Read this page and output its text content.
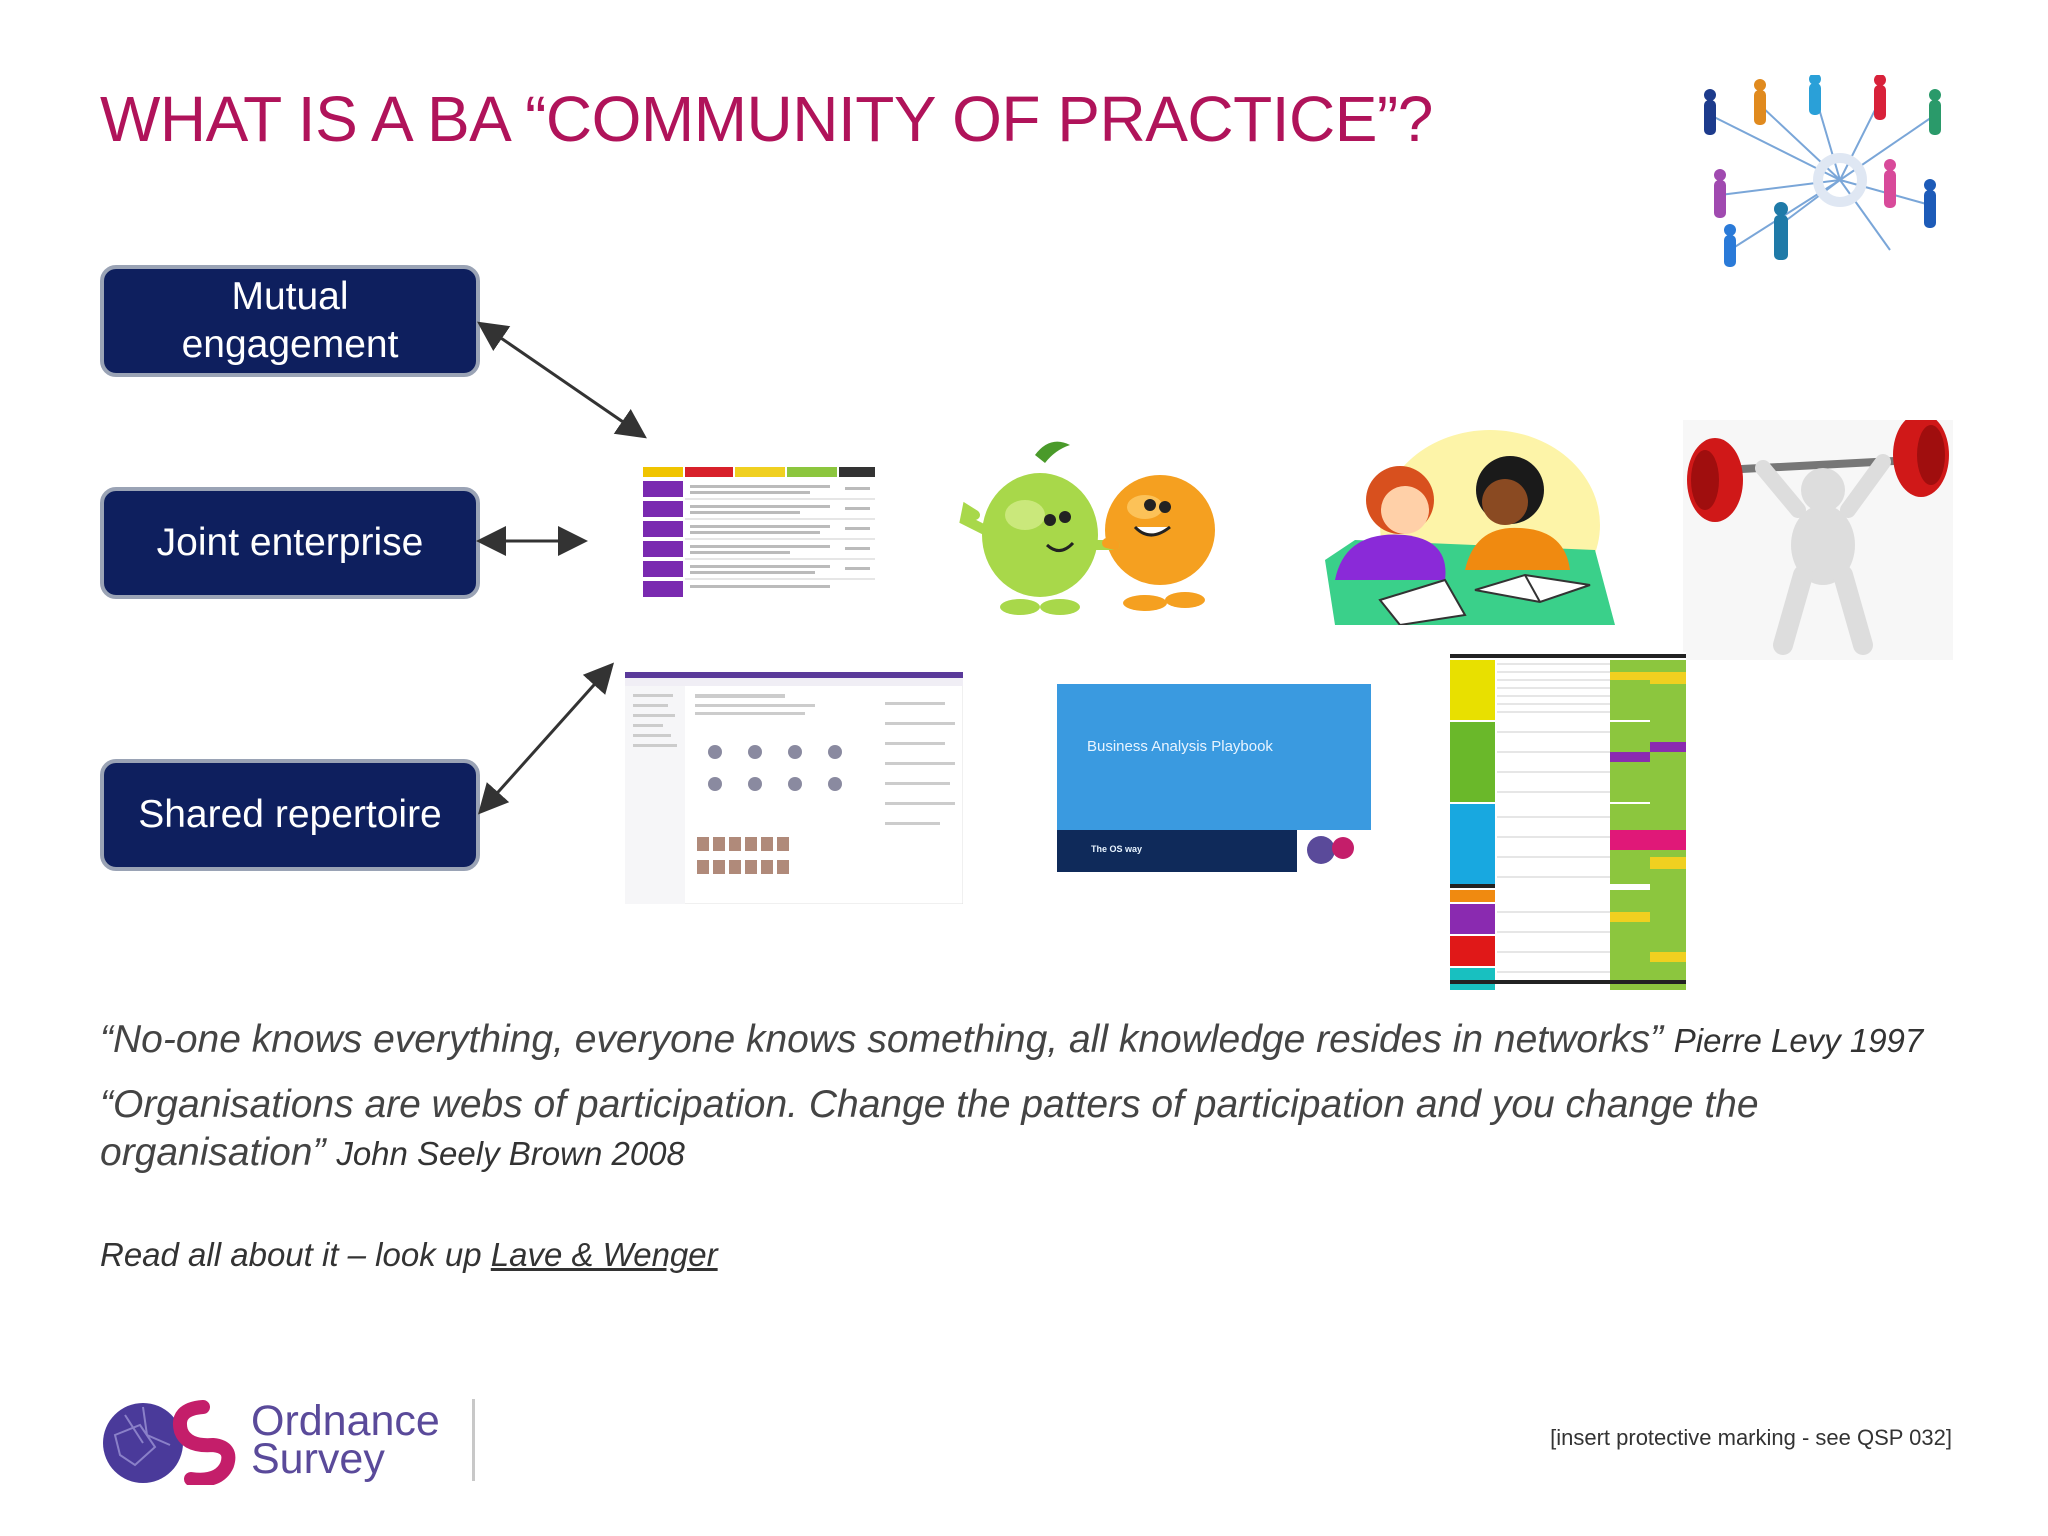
WHAT IS A BA “COMMUNITY OF PRACTICE”?
Mutual
engagement
Joint enterprise
Shared repertoire
Business Analysis Playbook
The OS way
“No-one knows everything, everyone knows something, all knowledge resides in networks” Pierre Levy 1997
“Organisations are webs of participation. Change the patters of participation and you change the
organisation” John Seely Brown 2008
Read all about it – look up Lave & Wenger
Ordnance
Survey	[insert protective marking - see QSP 032]
